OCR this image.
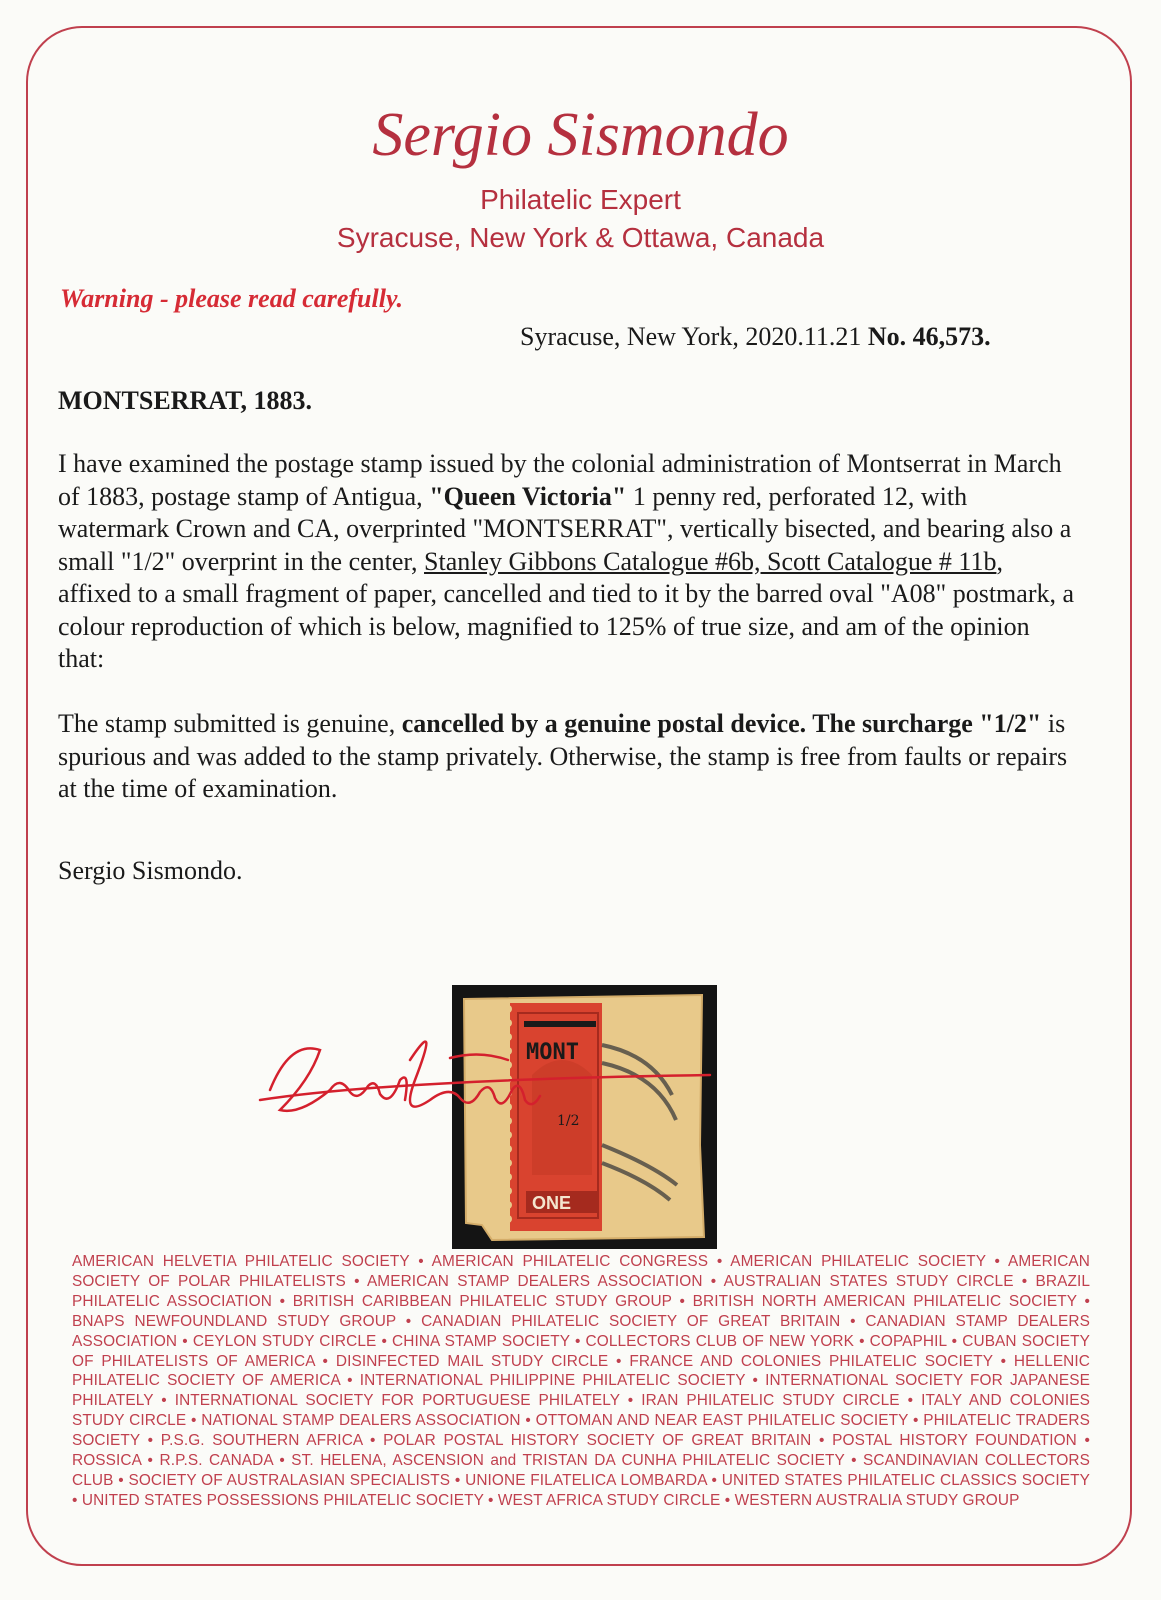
Sergio Sismondo
Philatelic Expert
Syracuse, New York & Ottawa, Canada
Warning - please read carefully.
Syracuse, New York, 2020.11.21 No. 46,573.
MONTSERRAT, 1883.
I have examined the postage stamp issued by the colonial administration of Montserrat in March of 1883, postage stamp of Antigua, "Queen Victoria" 1 penny red, perforated 12, with watermark Crown and CA, overprinted "MONTSERRAT", vertically bisected, and bearing also a small "1/2" overprint in the center, Stanley Gibbons Catalogue #6b, Scott Catalogue # 11b, affixed to a small fragment of paper, cancelled and tied to it by the barred oval "A08" postmark, a colour reproduction of which is below, magnified to 125% of true size, and am of the opinion that:
The stamp submitted is genuine, cancelled by a genuine postal device. The surcharge "1/2" is spurious and was added to the stamp privately. Otherwise, the stamp is free from faults or repairs at the time of examination.
Sergio Sismondo.
MONT
1/2
ONE
AMERICAN HELVETIA PHILATELIC SOCIETY • AMERICAN PHILATELIC CONGRESS • AMERICAN PHILATELIC SOCIETY • AMERICAN SOCIETY OF POLAR PHILATELISTS • AMERICAN STAMP DEALERS ASSOCIATION • AUSTRALIAN STATES STUDY CIRCLE • BRAZIL PHILATELIC ASSOCIATION • BRITISH CARIBBEAN PHILATELIC STUDY GROUP • BRITISH NORTH AMERICAN PHILATELIC SOCIETY • BNAPS NEWFOUNDLAND STUDY GROUP • CANADIAN PHILATELIC SOCIETY OF GREAT BRITAIN • CANADIAN STAMP DEALERS ASSOCIATION • CEYLON STUDY CIRCLE • CHINA STAMP SOCIETY • COLLECTORS CLUB OF NEW YORK • COPAPHIL • CUBAN SOCIETY OF PHILATELISTS OF AMERICA • DISINFECTED MAIL STUDY CIRCLE • FRANCE AND COLONIES PHILATELIC SOCIETY • HELLENIC PHILATELIC SOCIETY OF AMERICA • INTERNATIONAL PHILIPPINE PHILATELIC SOCIETY • INTERNATIONAL SOCIETY FOR JAPANESE PHILATELY • INTERNATIONAL SOCIETY FOR PORTUGUESE PHILATELY • IRAN PHILATELIC STUDY CIRCLE • ITALY AND COLONIES STUDY CIRCLE • NATIONAL STAMP DEALERS ASSOCIATION • OTTOMAN AND NEAR EAST PHILATELIC SOCIETY • PHILATELIC TRADERS SOCIETY • P.S.G. SOUTHERN AFRICA • POLAR POSTAL HISTORY SOCIETY OF GREAT BRITAIN • POSTAL HISTORY FOUNDATION • ROSSICA • R.P.S. CANADA • ST. HELENA, ASCENSION and TRISTAN DA CUNHA PHILATELIC SOCIETY • SCANDINAVIAN COLLECTORS CLUB • SOCIETY OF AUSTRALASIAN SPECIALISTS • UNIONE FILATELICA LOMBARDA • UNITED STATES PHILATELIC CLASSICS SOCIETY • UNITED STATES POSSESSIONS PHILATELIC SOCIETY • WEST AFRICA STUDY CIRCLE • WESTERN AUSTRALIA STUDY GROUP
